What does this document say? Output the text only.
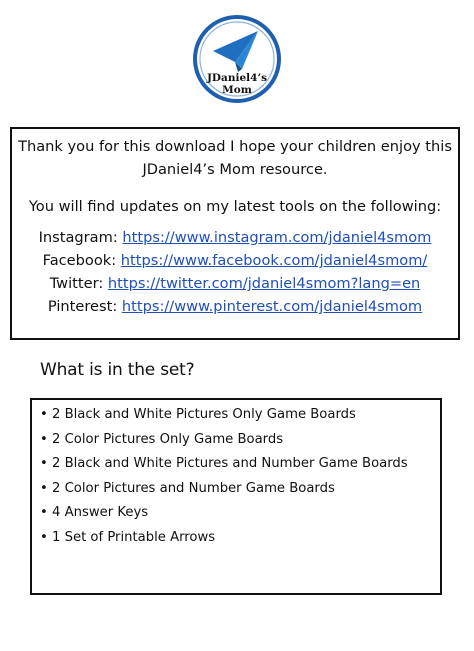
JDaniel4’s
Mom
Thank you for this download I hope your children enjoy this
JDaniel4’s Mom resource.
You will find updates on my latest tools on the following:
Instagram: https://www.instagram.com/jdaniel4smom
Facebook: https://www.facebook.com/jdaniel4smom/
Twitter: https://twitter.com/jdaniel4smom?lang=en
Pinterest: https://www.pinterest.com/jdaniel4smom
What is in the set?
• 2 Black and White Pictures Only Game Boards
• 2 Color Pictures Only Game Boards
• 2 Black and White Pictures and Number Game Boards
• 2 Color Pictures and Number Game Boards
• 4 Answer Keys
• 1 Set of Printable Arrows
